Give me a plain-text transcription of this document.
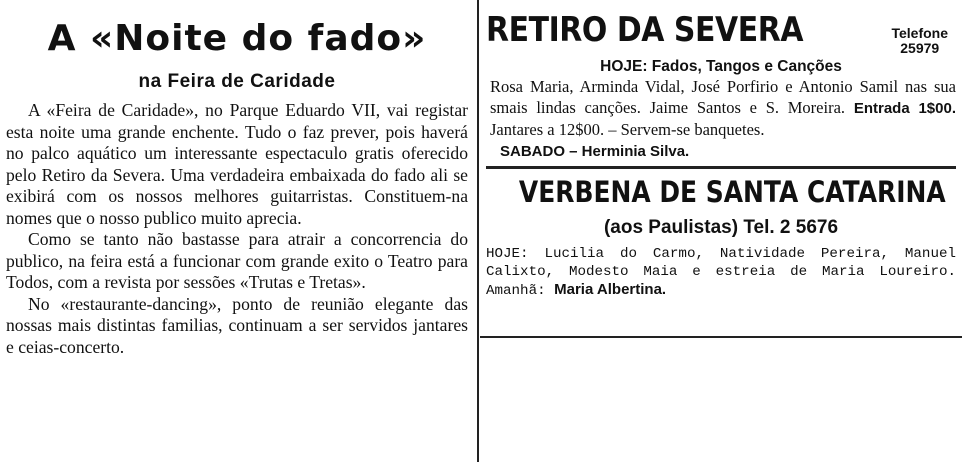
A «Noite do fado»
na Feira de Caridade

A «Feira de Caridade», no Parque Eduardo VII, vai registar esta noite uma grande enchente. Tudo o faz prever, pois haverá no palco aquático um interessante espectaculo gratis oferecido pelo Retiro da Severa. Uma verdadeira embaixada do fado ali se exibirá com os nossos melhores guitarristas. Constituem-na nomes que o nosso publico muito aprecia.

Como se tanto não bastasse para atrair a concorrencia do publico, na feira está a funcionar com grande exito o Teatro para Todos, com a revista por sessões «Trutas e Tretas».

No «restaurante-dancing», ponto de reunião elegante das nossas mais distintas familias, continuam a ser servidos jantares e ceias-concerto.

RETIRO DA SEVERA	Telefone
25979
HOJE: Fados, Tangos e Canções

Rosa Maria, Arminda Vidal, José Porfirio e Antonio Samil nas sua smais lindas canções. Jaime Santos e S. Moreira. Entrada 1$00. Jantares a 12$00. – Servem-se banquetes.

SABADO – Herminia Silva.
VERBENA DE SANTA CATARINA
(aos Paulistas) Tel. 2 5676

HOJE: Lucilia do Carmo, Natividade Pereira, Manuel Calixto, Modesto Maia e estreia de Maria Loureiro. Amanhã: Maria Albertina.
